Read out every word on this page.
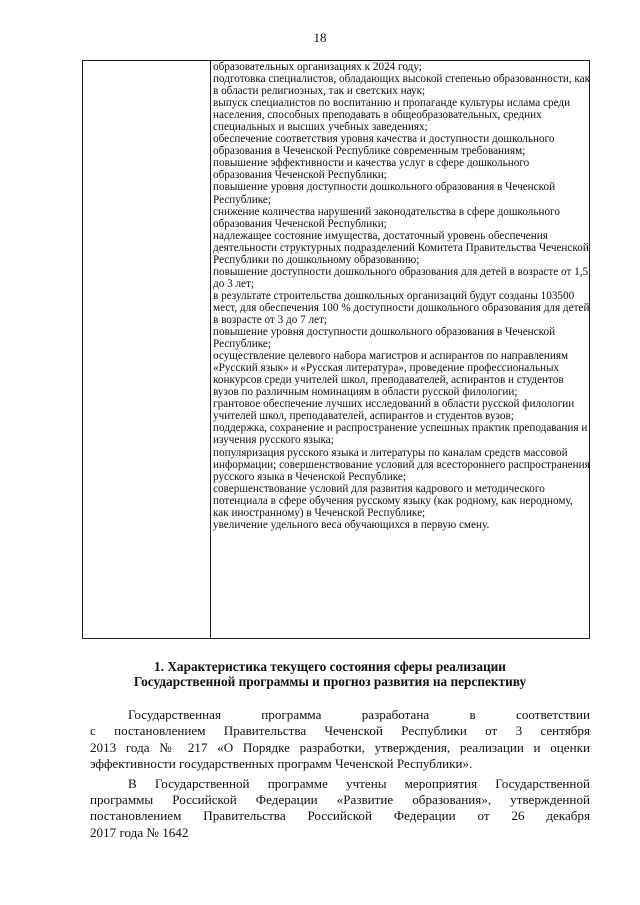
18
образовательных организациях к 2024 году;
подготовка специалистов, обладающих высокой степенью образованности, как в области религиозных, так и светских наук;
выпуск специалистов по воспитанию и пропаганде культуры ислама среди населения, способных преподавать в общеобразовательных, средних специальных и высших учебных заведениях;
обеспечение соответствия уровня качества и доступности дошкольного образования в Чеченской Республике современным требованиям;
повышение эффективности и качества услуг в сфере дошкольного образования Чеченской Республики;
повышение уровня доступности дошкольного образования в Чеченской Республике;
снижение количества нарушений законодательства в сфере дошкольного образования Чеченской Республики;
надлежащее состояние имущества, достаточный уровень обеспечения деятельности структурных подразделений Комитета Правительства Чеченской Республики по дошкольному образованию;
повышение доступности дошкольного образования для детей в возрасте от 1,5 до 3 лет;
в результате строительства дошкольных организаций будут созданы 103500 мест, для обеспечения 100 % доступности дошкольного образования для детей в возрасте от 3 до 7 лет;
повышение уровня доступности дошкольного образования в Чеченской Республике;
осуществление целевого набора магистров и аспирантов по направлениям «Русский язык» и «Русская литература», проведение профессиональных конкурсов среди учителей школ, преподавателей, аспирантов и студентов вузов по различным номинациям в области русской филологии;
грантовое обеспечение лучших исследований в области русской филологии учителей школ, преподавателей, аспирантов и студентов вузов;
поддержка, сохранение и распространение успешных практик преподавания и изучения русского языка;
популяризация русского языка и литературы по каналам средств массовой информации; совершенствование условий для всестороннего распространения русского языка в Чеченской Республике;
совершенствование условий для развития кадрового и методического потенциала в сфере обучения русскому языку (как родному, как неродному, как иностранному) в Чеченской Республике;
увеличение удельного веса обучающихся в первую смену.
1. Характеристика текущего состояния сферы реализации
Государственной программы и прогноз развития на перспективу

Государственная программа разработана в соответствии
с постановлением Правительства Чеченской Республики от 3 сентября
2013 года № 217 «О Порядке разработки, утверждения, реализации и оценки
эффективности государственных программ Чеченской Республики».

В Государственной программе учтены мероприятия Государственной
программы Российской Федерации «Развитие образования», утвержденной
постановлением Правительства Российской Федерации от 26 декабря
2017 года № 1642
